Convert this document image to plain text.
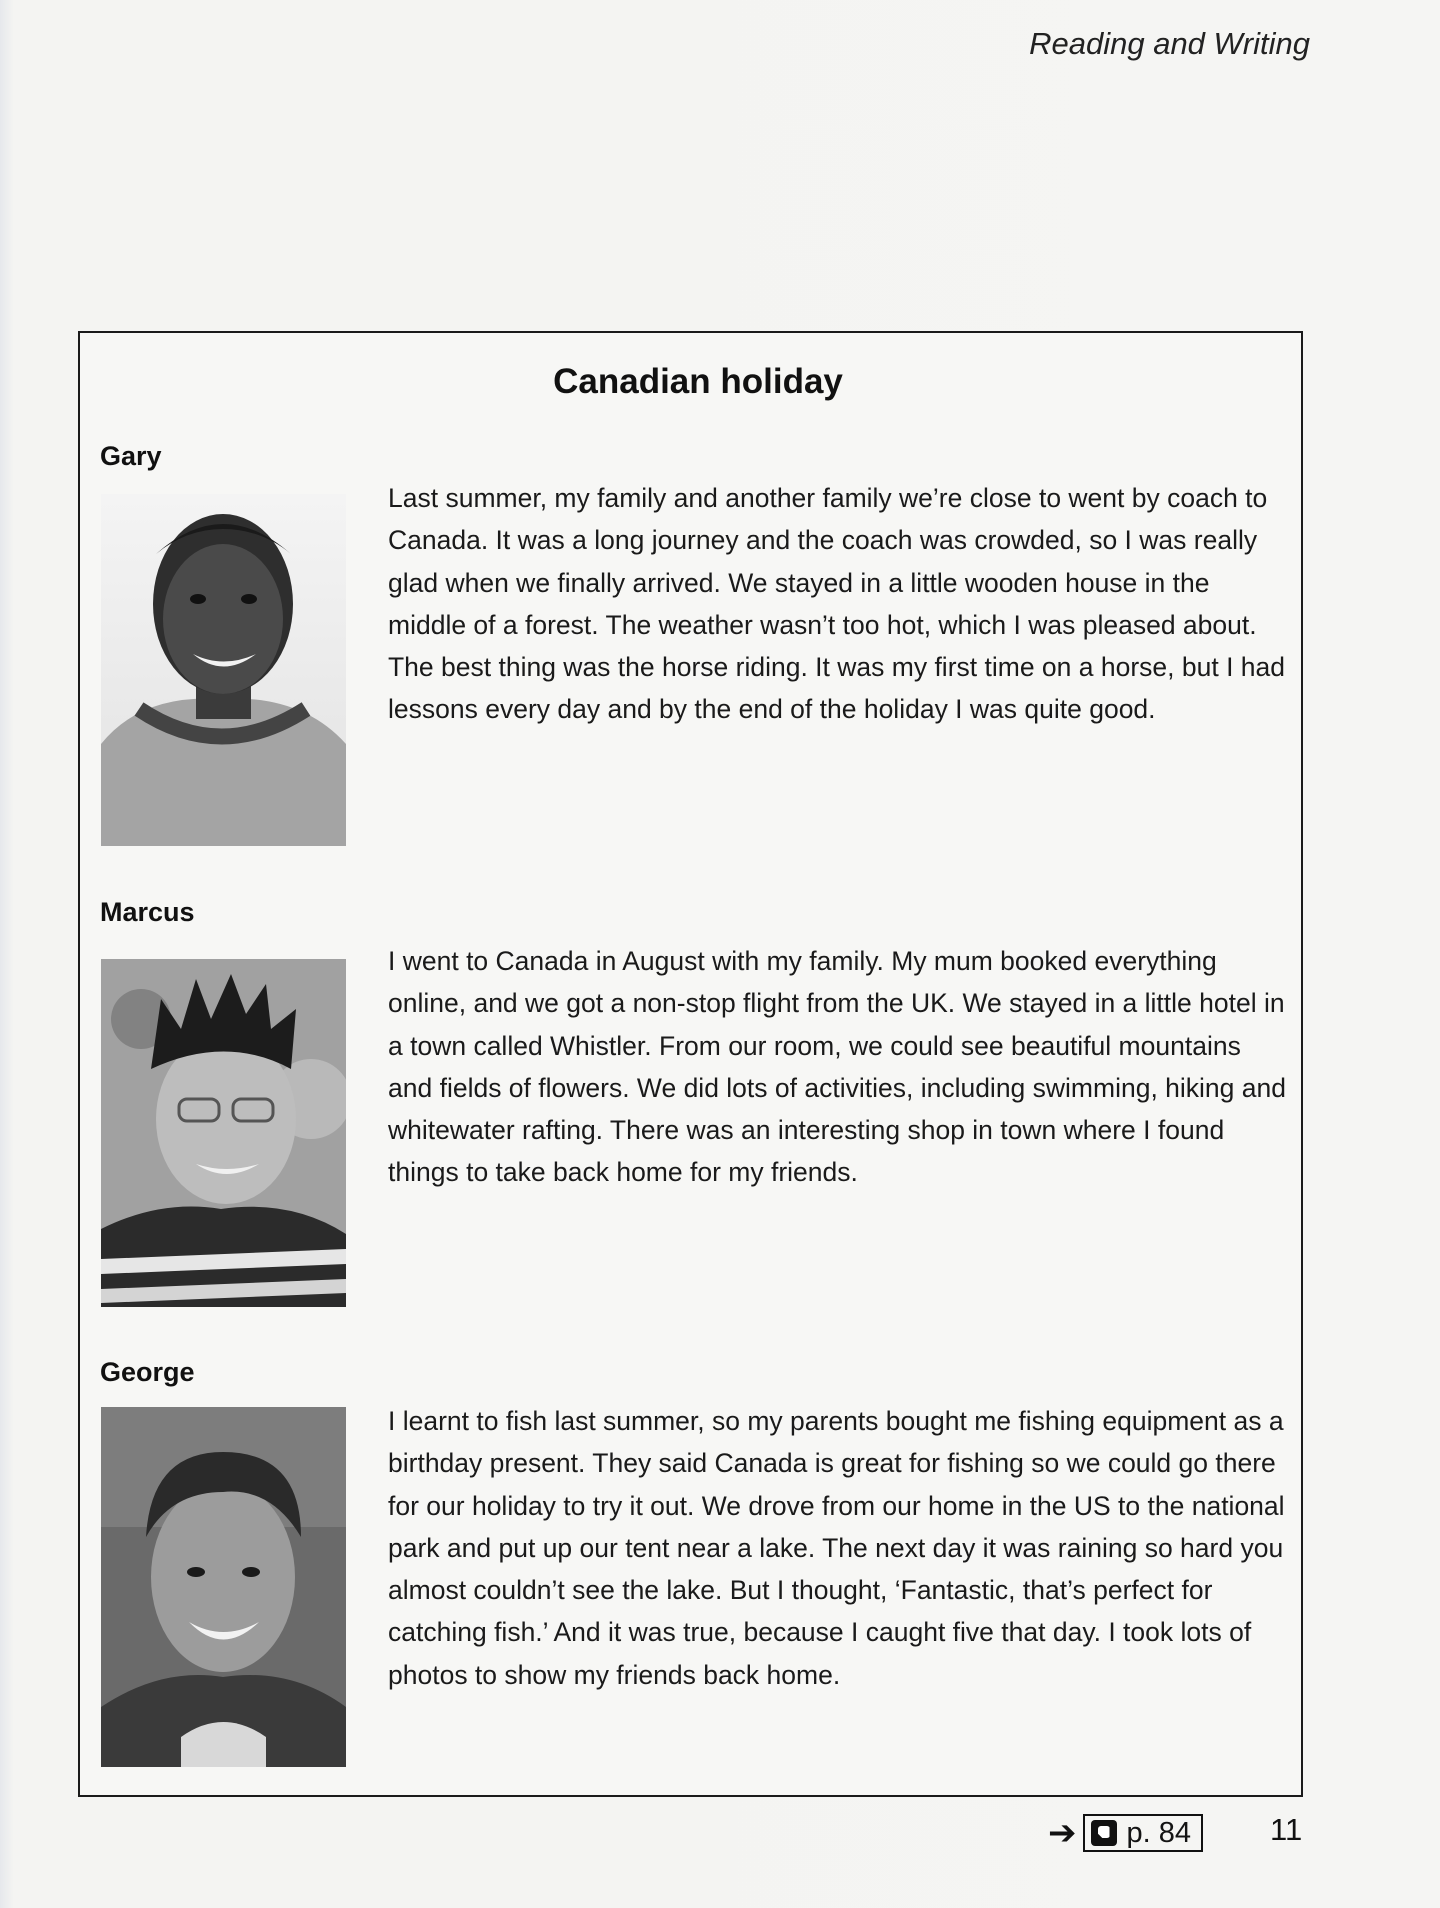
Reading and Writing
Canadian holiday
Gary
Last summer, my family and another family we’re close to went by coach to Canada. It was a long journey and the coach was crowded, so I was really glad when we finally arrived. We stayed in a little wooden house in the middle of a forest. The weather wasn’t too hot, which I was pleased about. The best thing was the horse riding. It was my first time on a horse, but I had lessons every day and by the end of the holiday I was quite good.
Marcus
I went to Canada in August with my family. My mum booked everything online, and we got a non-stop flight from the UK. We stayed in a little hotel in a town called Whistler. From our room, we could see beautiful mountains and fields of flowers. We did lots of activities, including swimming, hiking and whitewater rafting. There was an interesting shop in town where I found things to take back home for my friends.
George
I learnt to fish last summer, so my parents bought me fishing equipment as a birthday present. They said Canada is great for fishing so we could go there for our holiday to try it out. We drove from our home in the US to the national park and put up our tent near a lake. The next day it was raining so hard you almost couldn’t see the lake. But I thought, ‘Fantastic, that’s perfect for catching fish.’ And it was true, because I caught five that day. I took lots of photos to show my friends back home.
➔ p. 84	11
